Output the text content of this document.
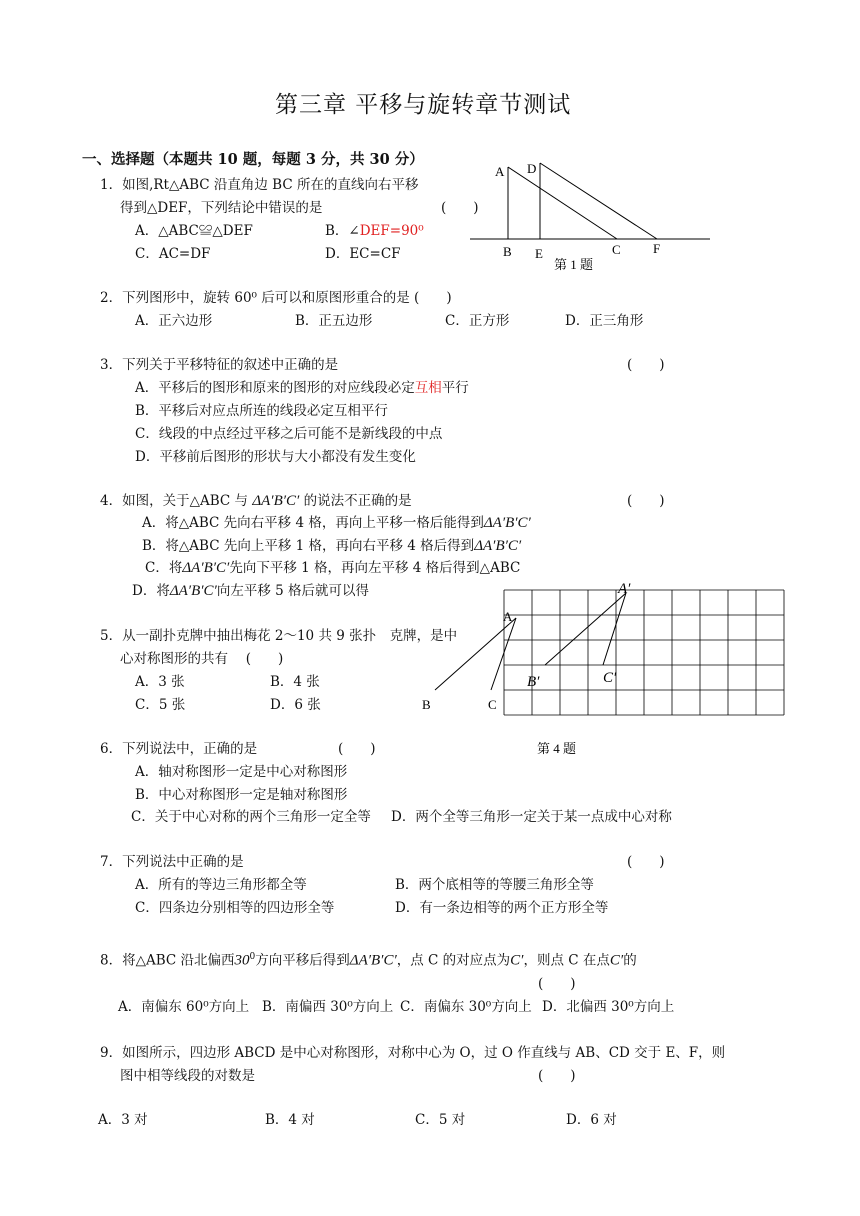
第三章 平移与旋转章节测试
一、选择题（本题共 10 题，每题 3 分，共 30 分）
1．如图,Rt△ABC 沿直角边 BC 所在的直线向右平移
得到△DEF，下列结论中错误的是	(　　)
A．△ABC≌△DEF	B．∠DEF=90⁰
C．AC=DF	D．EC=CF
A D
B E	C F
第 1 题
2．下列图形中，旋转 60⁰ 后可以和原图形重合的是 (　　)
A．正六边形	B．正五边形	C．正方形	D．正三角形
3．下列关于平移特征的叙述中正确的是	(　　)
A．平移后的图形和原来的图形的对应线段必定互相平行
B．平移后对应点所连的线段必定互相平行
C．线段的中点经过平移之后可能不是新线段的中点
D．平移前后图形的形状与大小都没有发生变化
4．如图，关于△ABC 与 ΔA′B′C′ 的说法不正确的是	(　　)
A．将△ABC 先向右平移 4 格，再向上平移一格后能得到ΔA′B′C′
B．将△ABC 先向上平移 1 格，再向右平移 4 格后得到ΔA′B′C′
C．将ΔA′B′C′先向下平移 1 格，再向左平移 4 格后得到△ABC
D．将ΔA′B′C′向左平移 5 格后就可以得
A
B	C
A′
B′	C′
第 4 题
5．从一副扑克牌中抽出梅花 2～10 共 9 张扑　克牌，是中
心对称图形的共有　 (　　)
A．3 张	B．4 张
C．5 张	D．6 张
6．下列说法中，正确的是	(　　)
A．轴对称图形一定是中心对称图形
B．中心对称图形一定是轴对称图形
C．关于中心对称的两个三角形一定全等 D．两个全等三角形一定关于某一点成中心对称
7．下列说法中正确的是	(　　)
A．所有的等边三角形都全等	B．两个底相等的等腰三角形全等
C．四条边分别相等的四边形全等	D．有一条边相等的两个正方形全等
8．将△ABC 沿北偏西$30^0$方向平移后得到ΔA′B′C′，点 C 的对应点为C′，则点 C 在点C′的
(　　)
A．南偏东 60⁰方向上 B．南偏西 30⁰方向上 C．南偏东 30⁰方向上 D．北偏西 30⁰方向上
9．如图所示，四边形 ABCD 是中心对称图形，对称中心为 O，过 O 作直线与 AB、CD 交于 E、F，则
图中相等线段的对数是	(　　)
A．3 对	B．4 对	C．5 对	D．6 对
